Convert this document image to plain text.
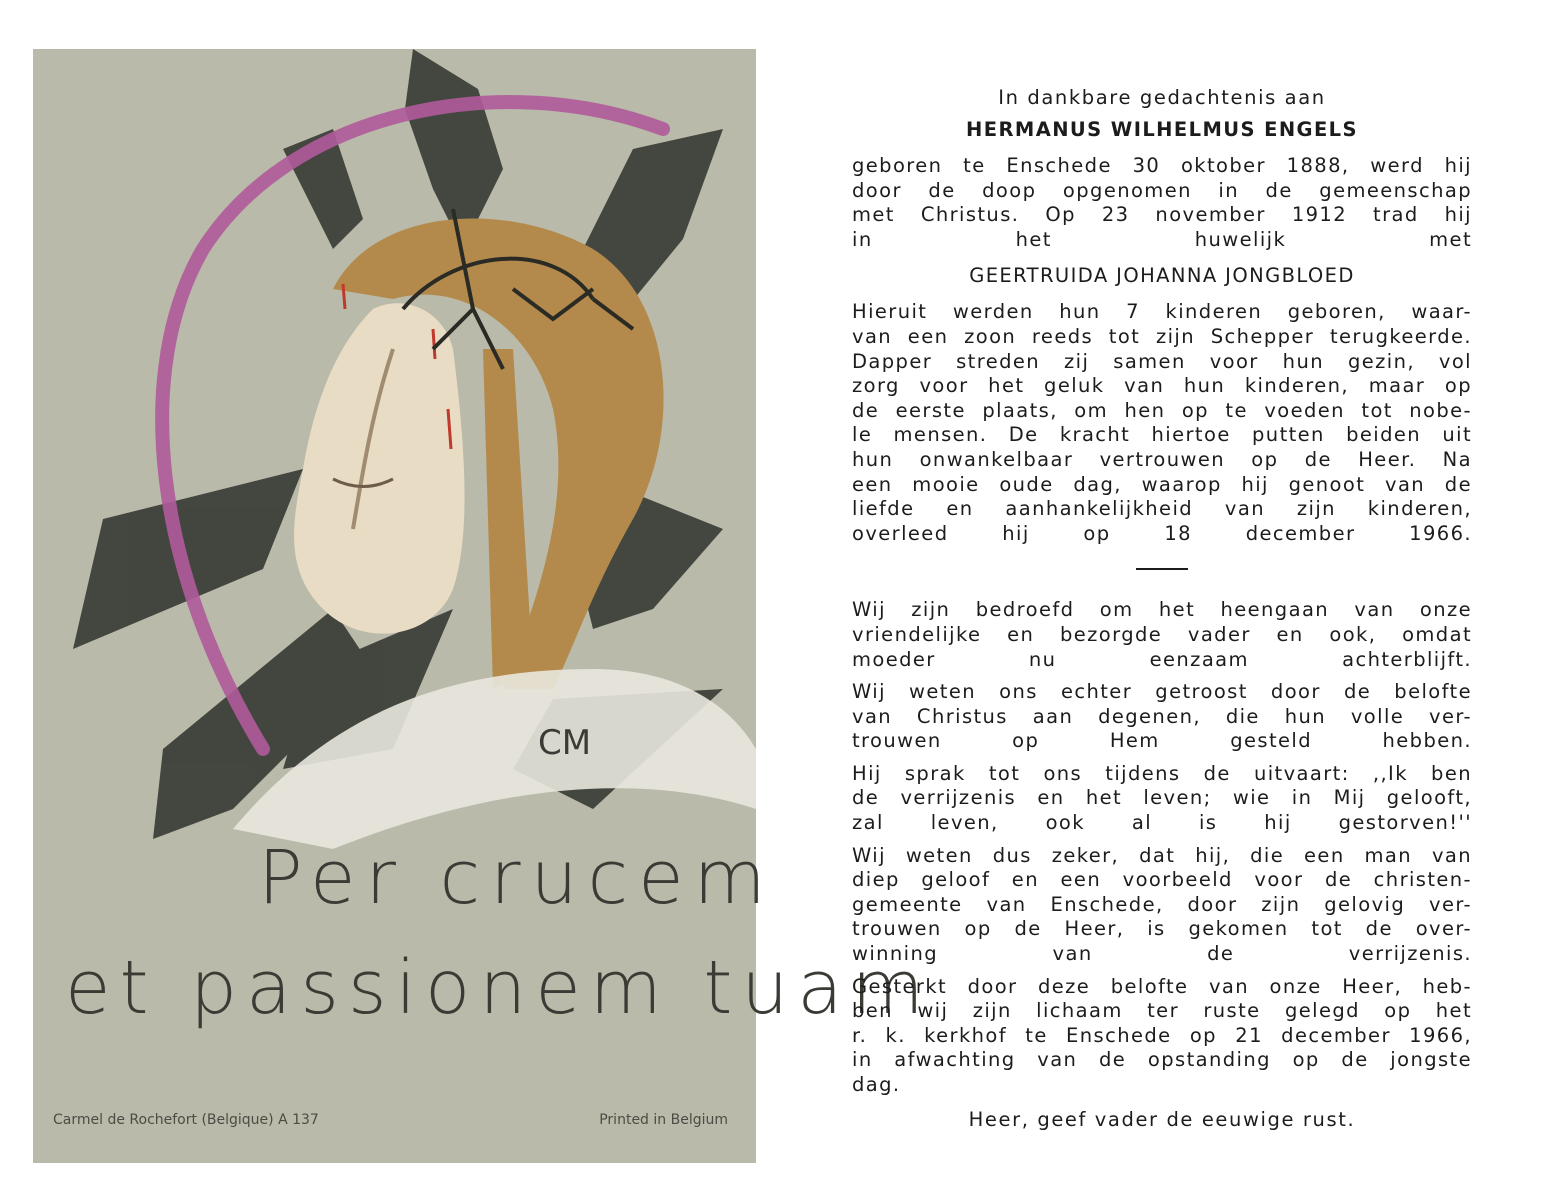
CM
Per crucem
et passionem tuam
Carmel de Rochefort (Belgique) A 137	Printed in Belgium
In dankbare gedachtenis aan
HERMANUS WILHELMUS ENGELS
geboren te Enschede 30 oktober 1888, werd hij
door de doop opgenomen in de gemeenschap
met Christus. Op 23 november 1912 trad hij
in het huwelijk met
GEERTRUIDA JOHANNA JONGBLOED
Hieruit werden hun 7 kinderen geboren, waar-
van een zoon reeds tot zijn Schepper terugkeerde.
Dapper streden zij samen voor hun gezin, vol
zorg voor het geluk van hun kinderen, maar op
de eerste plaats, om hen op te voeden tot nobe-
le mensen. De kracht hiertoe putten beiden uit
hun onwankelbaar vertrouwen op de Heer. Na
een mooie oude dag, waarop hij genoot van de
liefde en aanhankelijkheid van zijn kinderen,
overleed hij op 18 december 1966.
Wij zijn bedroefd om het heengaan van onze
vriendelijke en bezorgde vader en ook, omdat
moeder nu eenzaam achterblijft.
Wij weten ons echter getroost door de belofte
van Christus aan degenen, die hun volle ver-
trouwen op Hem gesteld hebben.
Hij sprak tot ons tijdens de uitvaart: ,,Ik ben
de verrijzenis en het leven; wie in Mij gelooft,
zal leven, ook al is hij gestorven!''
Wij weten dus zeker, dat hij, die een man van
diep geloof en een voorbeeld voor de christen-
gemeente van Enschede, door zijn gelovig ver-
trouwen op de Heer, is gekomen tot de over-
winning van de verrijzenis.
Gesterkt door deze belofte van onze Heer, heb-
ben wij zijn lichaam ter ruste gelegd op het
r. k. kerkhof te Enschede op 21 december 1966,
in afwachting van de opstanding op de jongste
dag.
Heer, geef vader de eeuwige rust.
